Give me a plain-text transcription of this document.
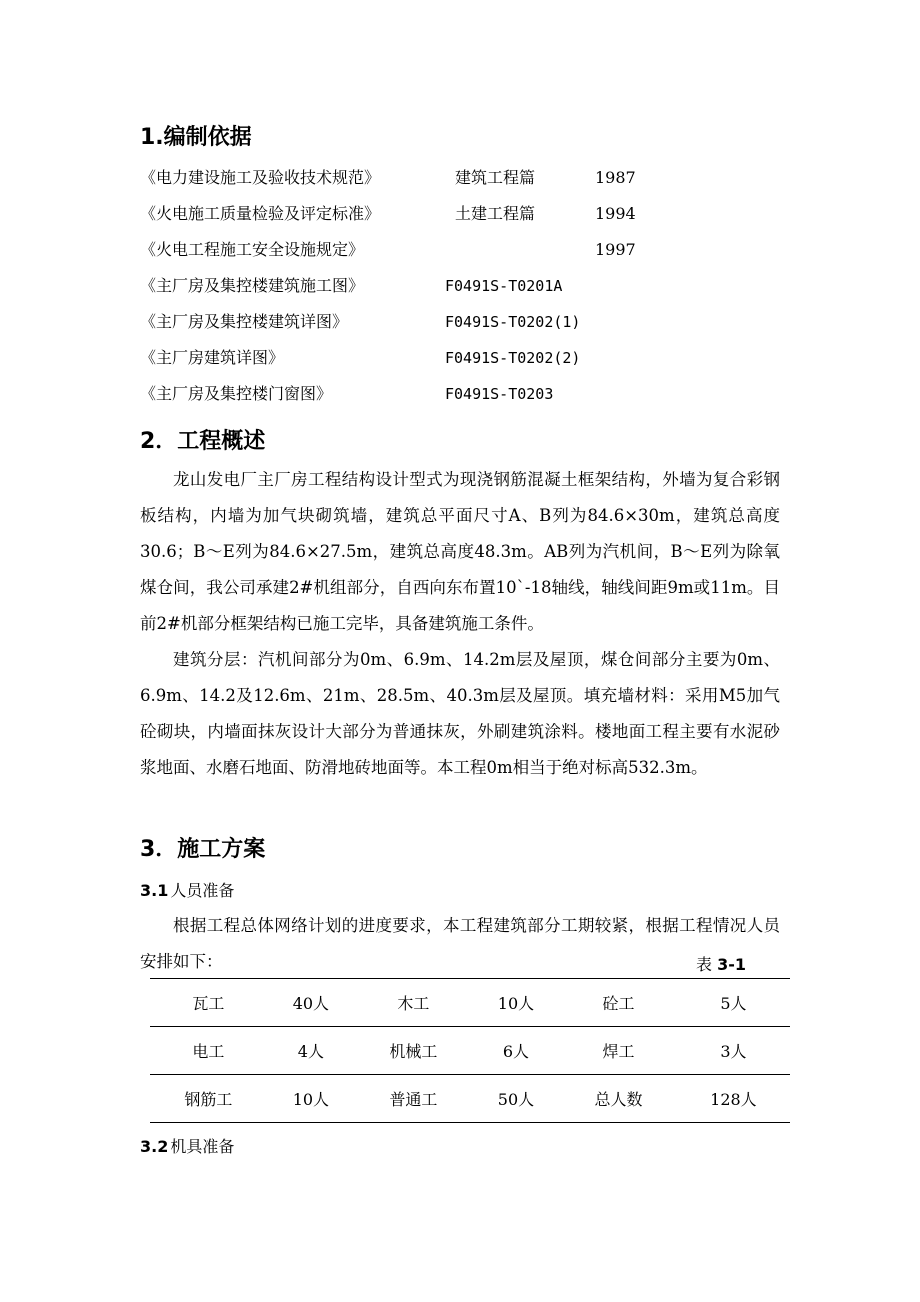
1.编制依据
《电力建设施工及验收技术规范》	建筑工程篇	1987
《火电施工质量检验及评定标准》	土建工程篇	1994
《火电工程施工安全设施规定》	1997
《主厂房及集控楼建筑施工图》	F0491S-T0201A
《主厂房及集控楼建筑详图》	F0491S-T0202(1)
《主厂房建筑详图》	F0491S-T0202(2)
《主厂房及集控楼门窗图》	F0491S-T0203
2．工程概述
龙山发电厂主厂房工程结构设计型式为现浇钢筋混凝土框架结构，外墙为复合彩钢板结构，内墙为加气块砌筑墙，建筑总平面尺寸A、B列为84.6×30m，建筑总高度30.6；B～E列为84.6×27.5m，建筑总高度48.3m。AB列为汽机间，B～E列为除氧煤仓间，我公司承建2#机组部分，自西向东布置10`-18轴线，轴线间距9m或11m。目前2#机部分框架结构已施工完毕，具备建筑施工条件。
建筑分层：汽机间部分为0m、6.9m、14.2m层及屋顶，煤仓间部分主要为0m、6.9m、14.2及12.6m、21m、28.5m、40.3m层及屋顶。填充墙材料：采用M5加气砼砌块，内墙面抹灰设计大部分为普通抹灰，外刷建筑涂料。楼地面工程主要有水泥砂浆地面、水磨石地面、防滑地砖地面等。本工程0m相当于绝对标高532.3m。
3．施工方案
3.1 人员准备
根据工程总体网络计划的进度要求，本工程建筑部分工期较紧，根据工程情况人员安排如下：	表 3-1
瓦工	40人	木工	10人	砼工	5人
电工	4人	机械工	6人	焊工	3人
钢筋工	10人	普通工	50人	总人数	128人
3.2 机具准备
